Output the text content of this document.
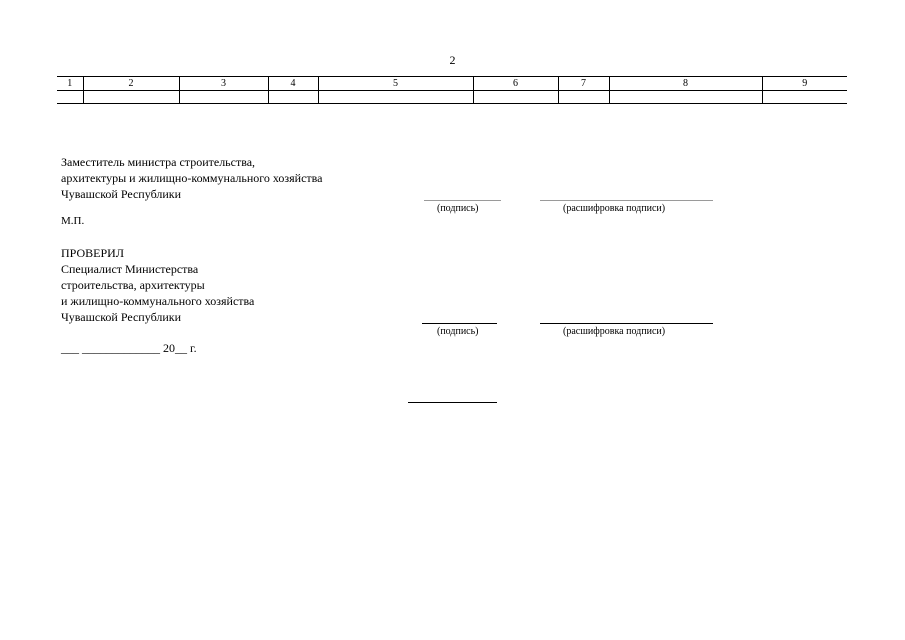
2
1	2	3	4	5	6	7	8	9

Заместитель министра строительства,
архитектуры и жилищно-коммунального хозяйства
Чувашской Республики
(подпись)	(расшифровка подписи)
М.П.
ПРОВЕРИЛ
Специалист Министерства
строительства, архитектуры
и жилищно-коммунального хозяйства
Чувашской Республики
(подпись)	(расшифровка подписи)
___ _____________ 20__ г.
